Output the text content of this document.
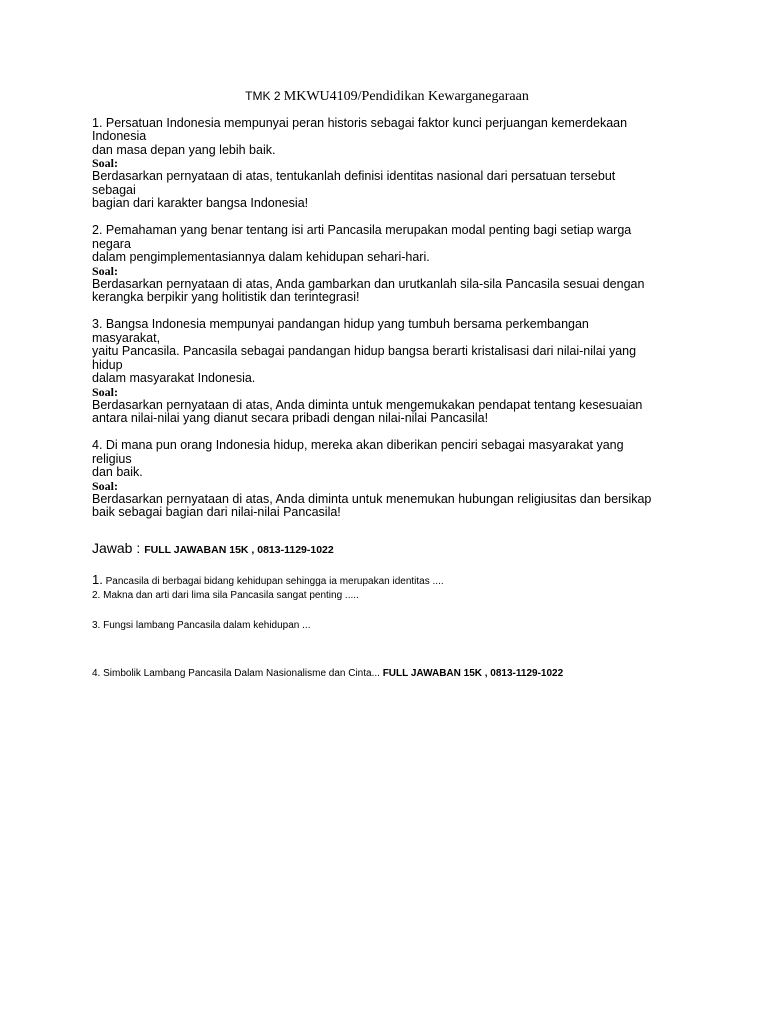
TMK 2 MKWU4109/Pendidikan Kewarganegaraan
1. Persatuan Indonesia mempunyai peran historis sebagai faktor kunci perjuangan kemerdekaan
Indonesia
dan masa depan yang lebih baik.
Soal:
Berdasarkan pernyataan di atas, tentukanlah definisi identitas nasional dari persatuan tersebut
sebagai
bagian dari karakter bangsa Indonesia!
2. Pemahaman yang benar tentang isi arti Pancasila merupakan modal penting bagi setiap warga
negara
dalam pengimplementasiannya dalam kehidupan sehari-hari.
Soal:
Berdasarkan pernyataan di atas, Anda gambarkan dan urutkanlah sila-sila Pancasila sesuai dengan
kerangka berpikir yang holitistik dan terintegrasi!
3. Bangsa Indonesia mempunyai pandangan hidup yang tumbuh bersama perkembangan
masyarakat,
yaitu Pancasila. Pancasila sebagai pandangan hidup bangsa berarti kristalisasi dari nilai-nilai yang
hidup
dalam masyarakat Indonesia.
Soal:
Berdasarkan pernyataan di atas, Anda diminta untuk mengemukakan pendapat tentang kesesuaian
antara nilai-nilai yang dianut secara pribadi dengan nilai-nilai Pancasila!
4. Di mana pun orang Indonesia hidup, mereka akan diberikan penciri sebagai masyarakat yang
religius
dan baik.
Soal:
Berdasarkan pernyataan di atas, Anda diminta untuk menemukan hubungan religiusitas dan bersikap
baik sebagai bagian dari nilai-nilai Pancasila!
Jawab : FULL JAWABAN 15K , 0813-1129-1022
1. Pancasila di berbagai bidang kehidupan sehingga ia merupakan identitas ....
2. Makna dan arti dari lima sila Pancasila sangat penting .....
3. Fungsi lambang Pancasila dalam kehidupan ...
4. Simbolik Lambang Pancasila Dalam Nasionalisme dan Cinta... FULL JAWABAN 15K , 0813-1129-1022
